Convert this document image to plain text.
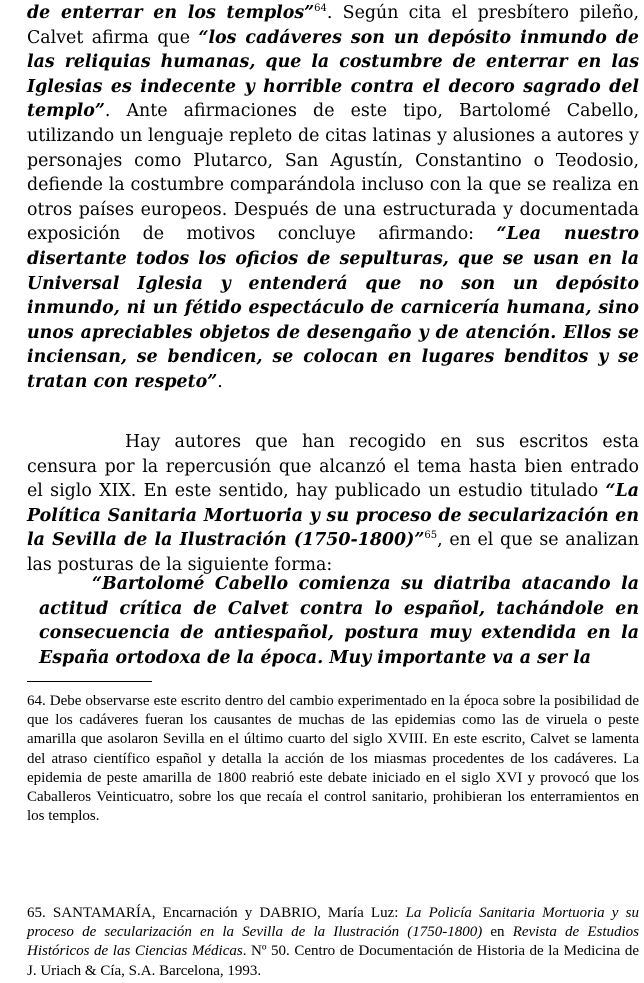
de enterrar en los templos”$^{64}$. Según cita el presbítero pileño, Calvet afirma que “los cadáveres son un depósito inmundo de las reliquias humanas, que la costumbre de enterrar en las Iglesias es indecente y horrible contra el decoro sagrado del templo”. Ante afirmaciones de este tipo, Bartolomé Cabello, utilizando un lenguaje repleto de citas latinas y alusiones a autores y personajes como Plutarco, San Agustín, Constantino o Teodosio, defiende la costumbre comparándola incluso con la que se realiza en otros países europeos. Después de una estructurada y documentada exposición de motivos concluye afirmando: “Lea nuestro disertante todos los oficios de sepulturas, que se usan en la Universal Iglesia y entenderá que no son un depósito inmundo, ni un fétido espectáculo de carnicería humana, sino unos apreciables objetos de desengaño y de atención. Ellos se inciensan, se bendicen, se colocan en lugares benditos y se tratan con respeto”.

Hay autores que han recogido en sus escritos esta censura por la repercusión que alcanzó el tema hasta bien entrado el siglo XIX. En este sentido, hay publicado un estudio titulado “La Política Sanitaria Mortuoria y su proceso de secularización en la Sevilla de la Ilustración (1750-1800)”$^{65}$, en el que se analizan las posturas de la siguiente forma:

“Bartolomé Cabello comienza su diatriba atacando la actitud crítica de Calvet contra lo español, tachándole en consecuencia de antiespañol, postura muy extendida en la España ortodoxa de la época. Muy importante va a ser la

64. Debe observarse este escrito dentro del cambio experimentado en la época sobre la posibilidad de que los cadáveres fueran los causantes de muchas de las epidemias como las de viruela o peste amarilla que asolaron Sevilla en el último cuarto del siglo XVIII. En este escrito, Calvet se lamenta del atraso científico español y detalla la acción de los miasmas procedentes de los cadáveres. La epidemia de peste amarilla de 1800 reabrió este debate iniciado en el siglo XVI y provocó que los Caballeros Veinticuatro, sobre los que recaía el control sanitario, prohibieran los enterramientos en los templos.

65. SANTAMARÍA, Encarnación y DABRIO, María Luz: La Policía Sanitaria Mortuoria y su proceso de secularización en la Sevilla de la Ilustración (1750-1800) en Revista de Estudios Históricos de las Ciencias Médicas. Nº 50. Centro de Documentación de Historia de la Medicina de J. Uriach & Cía, S.A. Barcelona, 1993.
